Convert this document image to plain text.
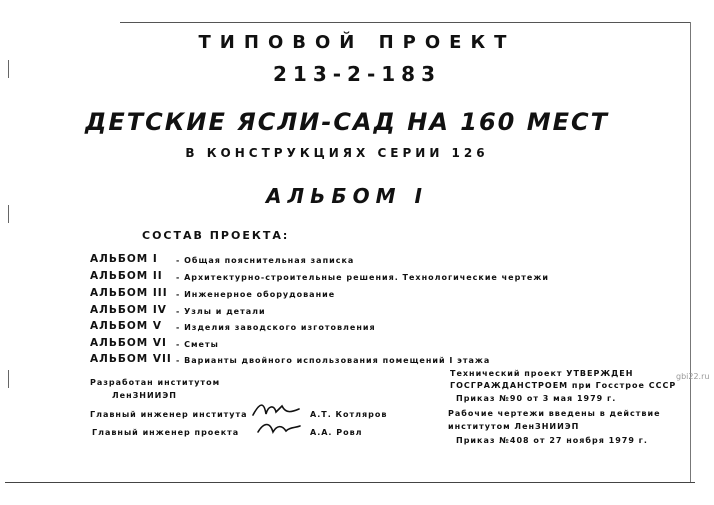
ТИПОВОЙ ПРОЕКТ
213-2-183
ДЕТСКИЕ ЯСЛИ-САД НА 160 МЕСТ
В КОНСТРУКЦИЯХ СЕРИИ 126
АЛЬБОМ I
СОСТАВ ПРОЕКТА:
АЛЬБОМ I - Общая пояснительная записка
АЛЬБОМ II - Архитектурно-строительные решения. Технологические чертежи
АЛЬБОМ III - Инженерное оборудование
АЛЬБОМ IV - Узлы и детали
АЛЬБОМ V - Изделия заводского изготовления
АЛЬБОМ VI - Сметы
АЛЬБОМ VII - Варианты двойного использования помещений I этажа
Разработан институтом
ЛенЗНИИЭП
Главный инженер института	А.Т. Котляров
Главный инженер проекта	А.А. Ровл
Технический проект УТВЕРЖДЕН
ГОСГРАЖДАНСТРОЕМ при Госстрое СССР
Приказ №90 от 3 мая 1979 г.
Рабочие чертежи введены в действие
институтом ЛенЗНИИЭП
Приказ №408 от 27 ноября 1979 г.
gbi22.ru
